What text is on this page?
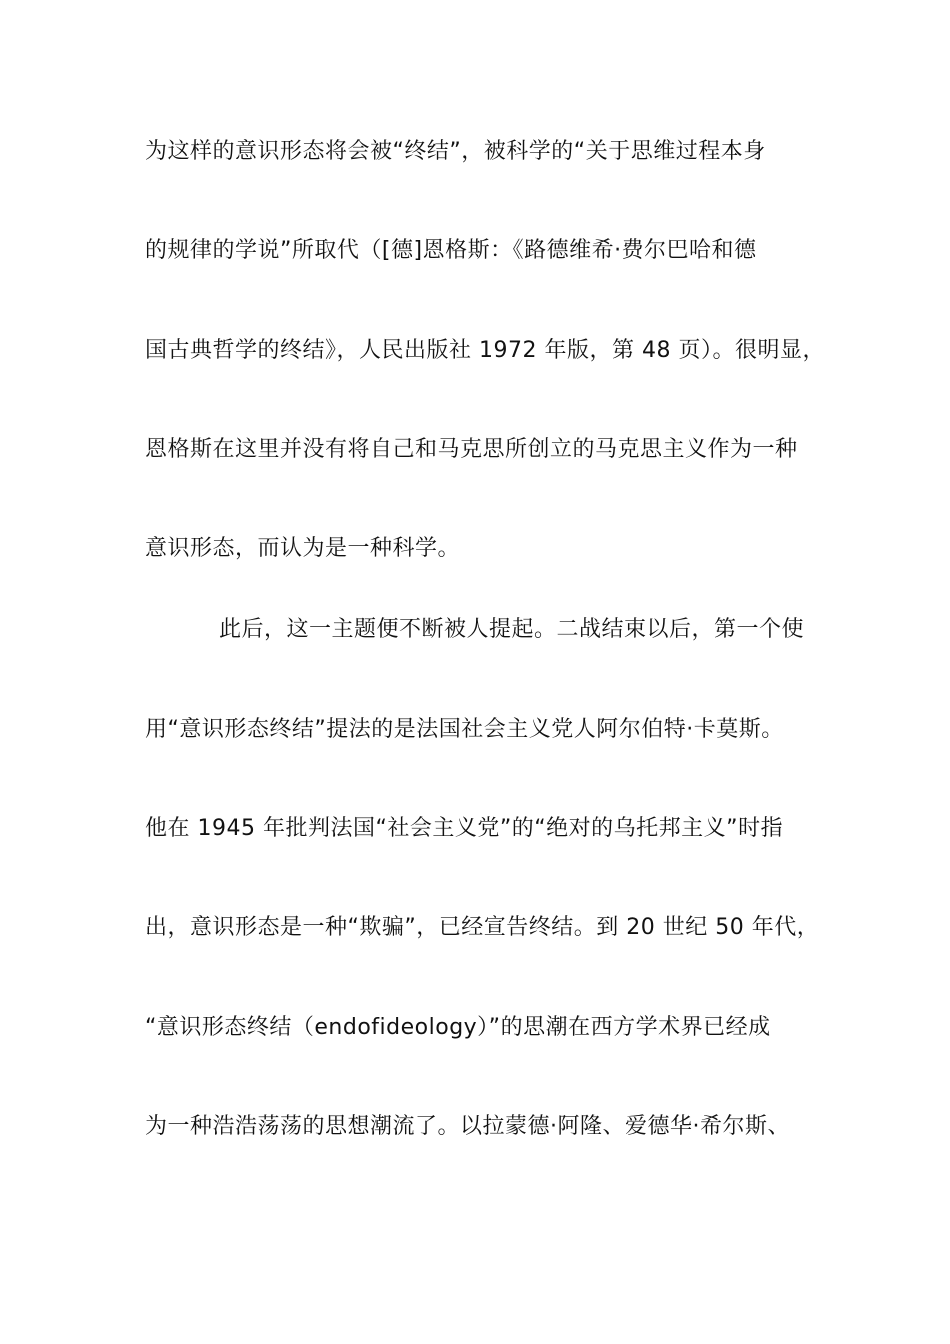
为这样的意识形态将会被“终结”，被科学的“关于思维过程本身
的规律的学说”所取代（[德]恩格斯：《路德维希·费尔巴哈和德
国古典哲学的终结》，人民出版社 1972 年版，第 48 页）。很明显，
恩格斯在这里并没有将自己和马克思所创立的马克思主义作为一种
意识形态，而认为是一种科学。
此后，这一主题便不断被人提起。二战结束以后，第一个使
用“意识形态终结”提法的是法国社会主义党人阿尔伯特·卡莫斯。
他在 1945 年批判法国“社会主义党”的“绝对的乌托邦主义”时指
出，意识形态是一种“欺骗”，已经宣告终结。到 20 世纪 50 年代，
“意识形态终结（endofideology）”的思潮在西方学术界已经成
为一种浩浩荡荡的思想潮流了。以拉蒙德·阿隆、爱德华·希尔斯、
